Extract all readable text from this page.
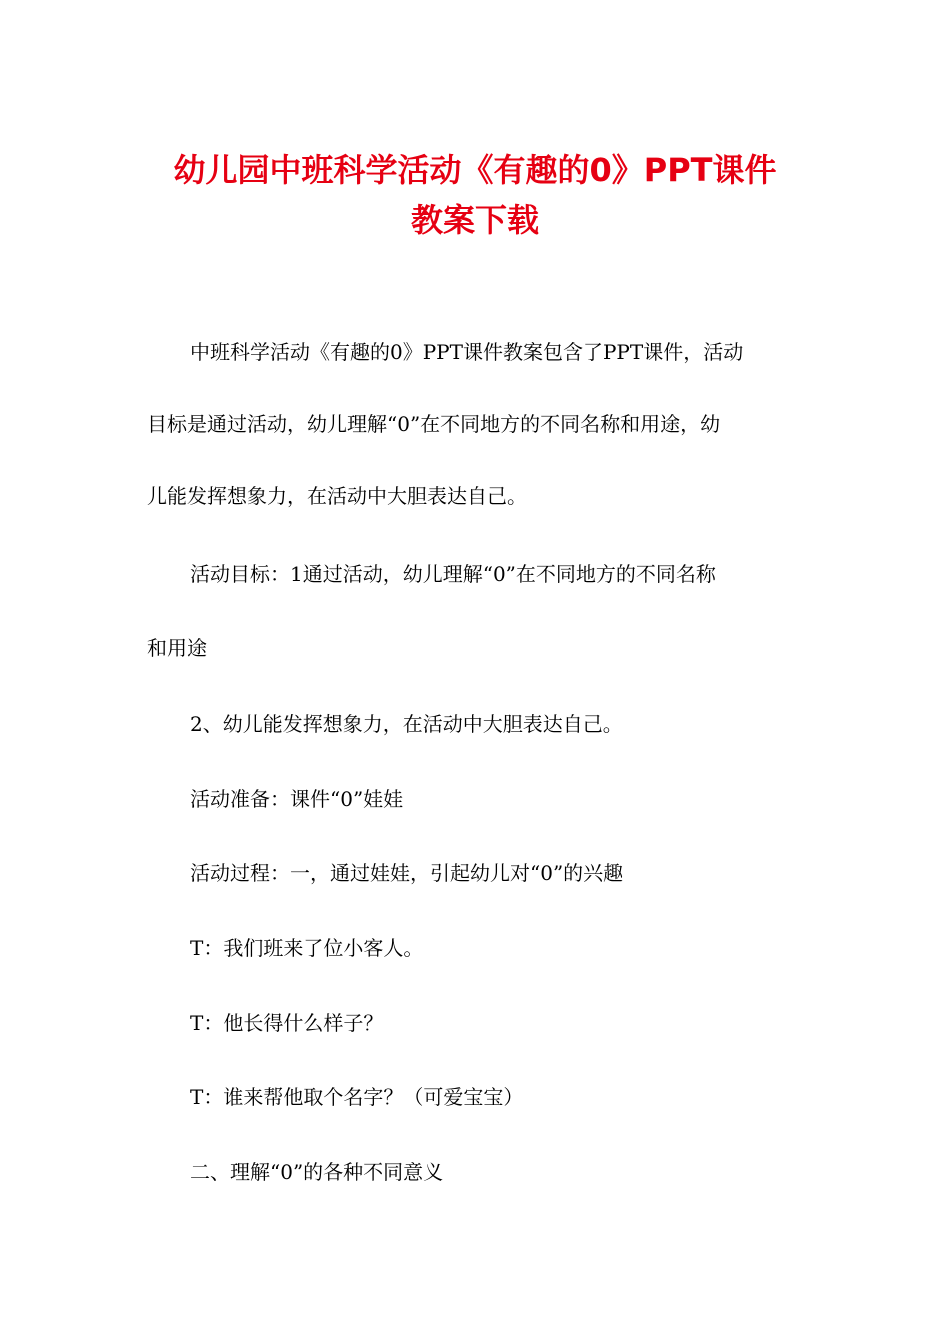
幼儿园中班科学活动《有趣的0》PPT课件
教案下载
中班科学活动《有趣的0》PPT课件教案包含了PPT课件，活动
目标是通过活动，幼儿理解“0”在不同地方的不同名称和用途，幼
儿能发挥想象力，在活动中大胆表达自己。
活动目标：1通过活动，幼儿理解“0”在不同地方的不同名称
和用途
2、幼儿能发挥想象力，在活动中大胆表达自己。
活动准备：课件“0”娃娃
活动过程：一，通过娃娃，引起幼儿对“0”的兴趣
T：我们班来了位小客人。
T：他长得什么样子？
T：谁来帮他取个名字？（可爱宝宝）
二、理解“0”的各种不同意义
